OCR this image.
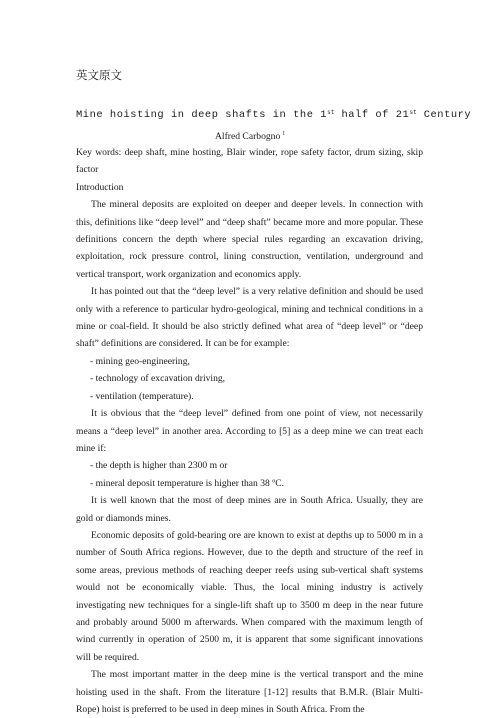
英文原文
Mine hoisting in deep shafts in the 1st half of 21st Century
Alfred Carbogno $^1$

Key words: deep shaft, mine hosting, Blair winder, rope safety factor, drum sizing, skip factor

Introduction

The mineral deposits are exploited on deeper and deeper levels. In connection with this, definitions like “deep level” and “deep shaft” became more and more popular. These definitions concern the depth where special rules regarding an excavation driving, exploitation, rock pressure control, lining construction, ventilation, underground and vertical transport, work organization and economics apply.

It has pointed out that the “deep level” is a very relative definition and should be used only with a reference to particular hydro-geological, mining and technical conditions in a mine or coal-field. It should be also strictly defined what area of “deep level” or “deep shaft” definitions are considered. It can be for example:

- mining geo-engineering,

- technology of excavation driving,

- ventilation (temperature).

It is obvious that the “deep level” defined from one point of view, not necessarily means a “deep level” in another area. According to [5] as a deep mine we can treat each mine if:

- the depth is higher than 2300 m or

- mineral deposit temperature is higher than 38 ºC.

It is well known that the most of deep mines are in South Africa. Usually, they are gold or diamonds mines.

Economic deposits of gold-bearing ore are known to exist at depths up to 5000 m in a number of South Africa regions. However, due to the depth and structure of the reef in some areas, previous methods of reaching deeper reefs using sub-vertical shaft systems would not be economically viable. Thus, the local mining industry is actively investigating new techniques for a single-lift shaft up to 3500 m deep in the near future and probably around 5000 m afterwards. When compared with the maximum length of wind currently in operation of 2500 m, it is apparent that some significant innovations will be required.

The most important matter in the deep mine is the vertical transport and the mine hoisting used in the shaft. From the literature [1-12] results that B.M.R. (Blair Multi-Rope) hoist is preferred to be used in deep mines in South Africa. From the
